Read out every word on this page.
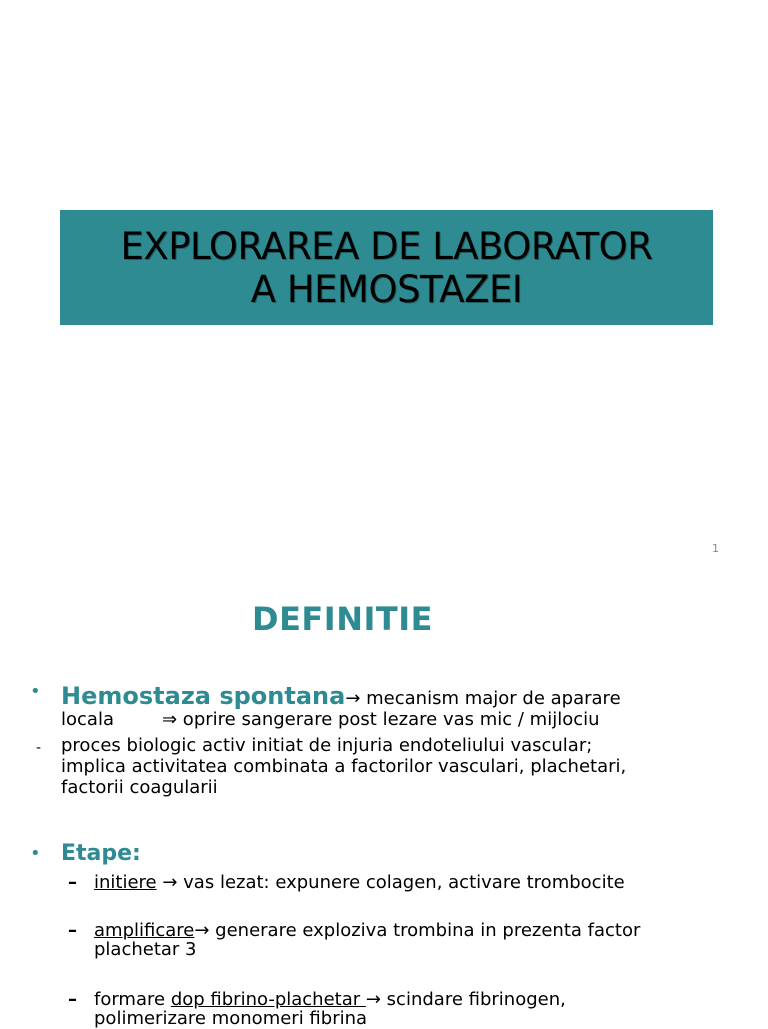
EXPLORAREA DE LABORATOR
A HEMOSTAZEI
1
DEFINITIE
• Hemostaza spontana→ mecanism major de aparare
locala	⇒ oprire sangerare post lezare vas mic / mijlociu
- proces biologic activ initiat de injuria endoteliului vascular;
implica activitatea combinata a factorilor vasculari, plachetari,
factorii coagularii
• Etape:
– initiere → vas lezat: expunere colagen, activare trombocite
– amplificare→ generare exploziva trombina in prezenta factor
plachetar 3
– formare dop fibrino-plachetar → scindare fibrinogen,
polimerizare monomeri fibrina
